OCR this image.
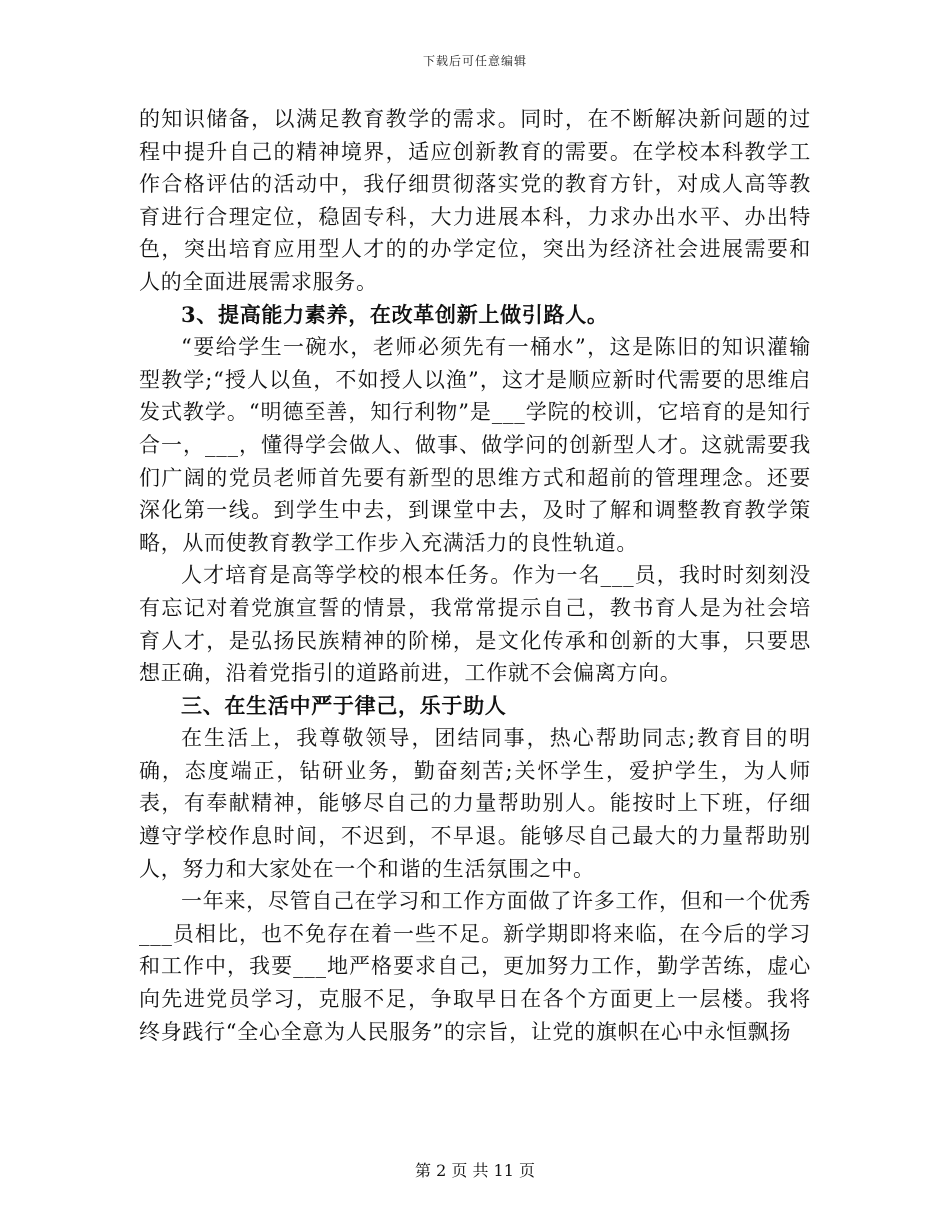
下载后可任意编辑

的知识储备，以满足教育教学的需求。同时，在不断解决新问题的过程中提升自己的精神境界，适应创新教育的需要。在学校本科教学工作合格评估的活动中，我仔细贯彻落实党的教育方针，对成人高等教育进行合理定位，稳固专科，大力进展本科，力求办出水平、办出特色，突出培育应用型人才的的办学定位，突出为经济社会进展需要和人的全面进展需求服务。

3、提高能力素养，在改革创新上做引路人。

“要给学生一碗水，老师必须先有一桶水”，这是陈旧的知识灌输型教学;“授人以鱼，不如授人以渔”，这才是顺应新时代需要的思维启发式教学。“明德至善，知行利物”是___学院的校训，它培育的是知行合一，___，懂得学会做人、做事、做学问的创新型人才。这就需要我们广阔的党员老师首先要有新型的思维方式和超前的管理理念。还要深化第一线。到学生中去，到课堂中去，及时了解和调整教育教学策略，从而使教育教学工作步入充满活力的良性轨道。

人才培育是高等学校的根本任务。作为一名___员，我时时刻刻没有忘记对着党旗宣誓的情景，我常常提示自己，教书育人是为社会培育人才，是弘扬民族精神的阶梯，是文化传承和创新的大事，只要思想正确，沿着党指引的道路前进，工作就不会偏离方向。

三、在生活中严于律己，乐于助人

在生活上，我尊敬领导，团结同事，热心帮助同志;教育目的明确，态度端正，钻研业务，勤奋刻苦;关怀学生，爱护学生，为人师表，有奉献精神，能够尽自己的力量帮助别人。能按时上下班，仔细遵守学校作息时间，不迟到，不早退。能够尽自己最大的力量帮助别人，努力和大家处在一个和谐的生活氛围之中。

一年来，尽管自己在学习和工作方面做了许多工作，但和一个优秀___员相比，也不免存在着一些不足。新学期即将来临，在今后的学习和工作中，我要___地严格要求自己，更加努力工作，勤学苦练，虚心向先进党员学习，克服不足，争取早日在各个方面更上一层楼。我将终身践行“全心全意为人民服务”的宗旨，让党的旗帜在心中永恒飘扬

第 2 页 共 11 页
